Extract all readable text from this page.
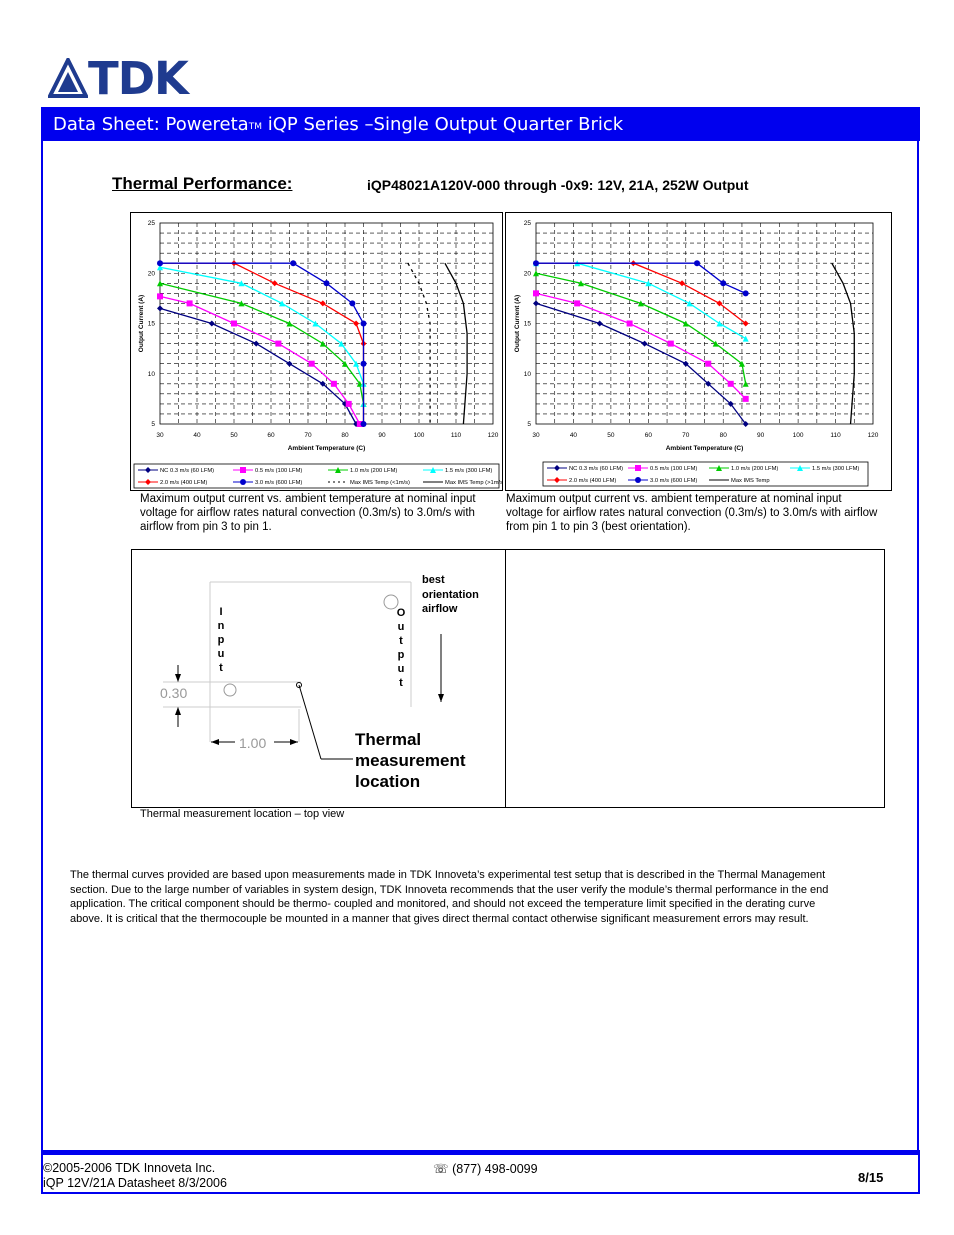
TDK
Data Sheet: PoweretaTM iQP Series –Single Output Quarter Brick
Thermal Performance:	iQP48021A120V-000 through -0x9: 12V, 21A, 252W Output
30	40	50	60	70	80	90	100	110	120
5
10
15
20
25
Ambient Temperature (C)
Output Current (A)
NC 0.3 m/s (60 LFM)	0.5 m/s (100 LFM)	1.0 m/s (200 LFM)	1.5 m/s (300 LFM)
2.0 m/s (400 LFM)	3.0 m/s (600 LFM)	Max IMS Temp (<1m/s)	Max IMS Temp (>1m/s)
30	40	50	60	70	80	90	100	110	120
5
10
15
20
25
Ambient Temperature (C)
Output Current (A)
NC 0.3 m/s (60 LFM)	0.5 m/s (100 LFM)	1.0 m/s (200 LFM)	1.5 m/s (300 LFM)
2.0 m/s (400 LFM)	3.0 m/s (600 LFM)	Max IMS Temp
Maximum output current vs. ambient temperature at nominal input voltage for airflow rates natural convection (0.3m/s) to 3.0m/s with airflow from pin 3 to pin 1.
Maximum output current vs. ambient temperature at nominal input voltage for airflow rates natural convection (0.3m/s) to 3.0m/s with airflow from pin 1 to pin 3 (best orientation).
I
n
p
u
t
O
u
t
p
u
t
best
orientation
airflow
0.30
1.00	Thermal
measurement
location
Thermal measurement location – top view
The thermal curves provided are based upon measurements made in TDK Innoveta’s experimental test setup that is described in the Thermal Management section. Due to the large number of variables in system design, TDK Innoveta recommends that the user verify the module’s thermal performance in the end application. The critical component should be thermo- coupled and monitored, and should not exceed the temperature limit specified in the derating curve above. It is critical that the thermocouple be mounted in a manner that gives direct thermal contact otherwise significant measurement errors may result.
©2005-2006 TDK Innoveta Inc.
iQP 12V/21A Datasheet 8/3/2006
☏ (877) 498-0099
8/15
